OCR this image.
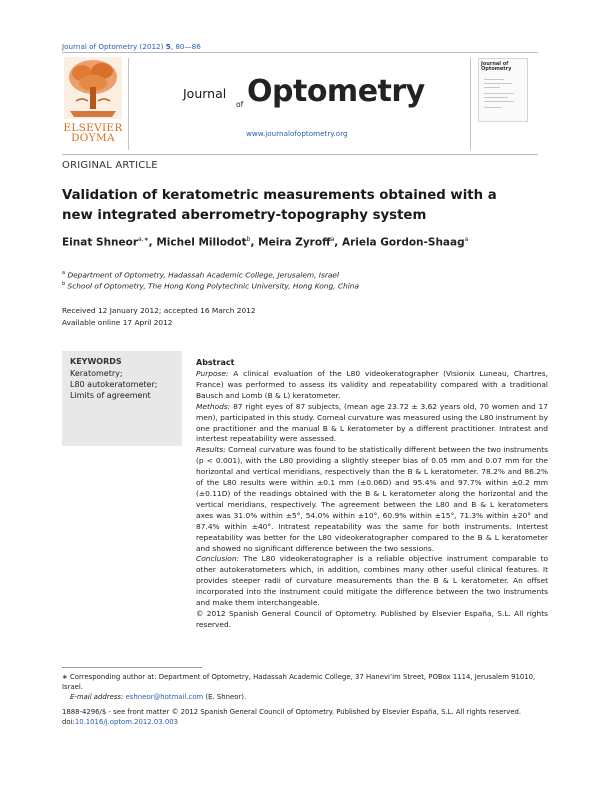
Journal of Optometry (2012) 5, 80—86
ELSEVIER
DOYMA
Journal
of Optometry
www.journalofoptometry.org
Journal of Optometry
ORIGINAL ARTICLE
Validation of keratometric measurements obtained with a new integrated aberrometry-topography system
Einat Shneor$^{a,∗}$, Michel Millodot$^b$, Meira Zyroff$^a$, Ariela Gordon-Shaag$^a$
$^a$ Department of Optometry, Hadassah Academic College, Jerusalem, Israel
$^b$ School of Optometry, The Hong Kong Polytechnic University, Hong Kong, China
Received 12 January 2012; accepted 16 March 2012
Available online 17 April 2012
KEYWORDS
Keratometry;
L80 autokeratometer;
Limits of agreement
Abstract

Purpose: A clinical evaluation of the L80 videokeratographer (Visionix Luneau, Chartres, France) was performed to assess its validity and repeatability compared with a traditional Bausch and Lomb (B & L) keratometer.

Methods: 87 right eyes of 87 subjects, (mean age 23.72 ± 3.62 years old, 70 women and 17 men), participated in this study. Corneal curvature was measured using the L80 instrument by one practitioner and the manual B & L keratometer by a different practitioner. Intratest and intertest repeatability were assessed.

Results: Corneal curvature was found to be statistically different between the two instruments (p < 0.001), with the L80 providing a slightly steeper bias of 0.05 mm and 0.07 mm for the horizontal and vertical meridians, respectively than the B & L keratometer. 78.2% and 86.2% of the L80 results were within ±0.1 mm (±0.06D) and 95.4% and 97.7% within ±0.2 mm (±0.11D) of the readings obtained with the B & L keratometer along the horizontal and the vertical meridians, respectively. The agreement between the L80 and B & L keratometers axes was 31.0% within ±5°, 54.0% within ±10°, 60.9% within ±15°, 71.3% within ±20° and 87.4% within ±40°. Intratest repeatability was the same for both instruments. Intertest repeatability was better for the L80 videokeratographer compared to the B & L keratometer and showed no significant difference between the two sessions.

Conclusion: The L80 videokeratographer is a reliable objective instrument comparable to other autokeratometers which, in addition, combines many other useful clinical features. It provides steeper radii of curvature measurements than the B & L keratometer. An offset incorporated into the instrument could mitigate the difference between the two instruments and make them interchangeable.

© 2012 Spanish General Council of Optometry. Published by Elsevier España, S.L. All rights reserved.

∗ Corresponding author at: Department of Optometry, Hadassah Academic College, 37 Hanevi’im Street, POBox 1114, Jerusalem 91010, Israel.
E-mail address: eshneor@hotmail.com (E. Shneor).
1888-4296/$ - see front matter © 2012 Spanish General Council of Optometry. Published by Elsevier España, S.L. All rights reserved.
doi:10.1016/j.optom.2012.03.003
